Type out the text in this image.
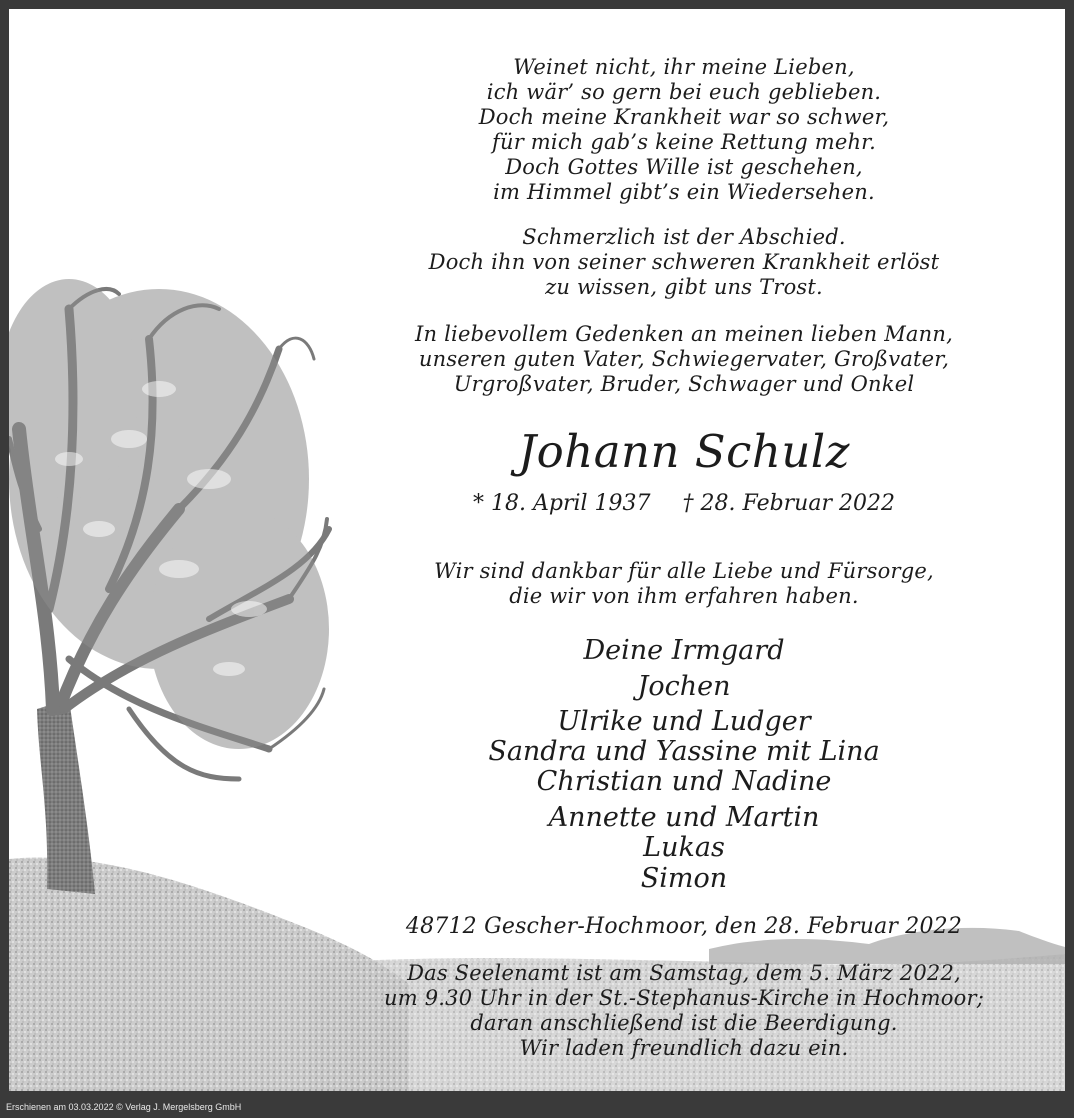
Weinet nicht, ihr meine Lieben,
ich wär’ so gern bei euch geblieben.
Doch meine Krankheit war so schwer,
für mich gab’s keine Rettung mehr.
Doch Gottes Wille ist geschehen,
im Himmel gibt’s ein Wiedersehen.
Schmerzlich ist der Abschied.
Doch ihn von seiner schweren Krankheit erlöst
zu wissen, gibt uns Trost.
In liebevollem Gedenken an meinen lieben Mann,
unseren guten Vater, Schwiegervater, Großvater,
Urgroßvater, Bruder, Schwager und Onkel
Johann Schulz
* 18. April 1937 † 28. Februar 2022
Wir sind dankbar für alle Liebe und Fürsorge,
die wir von ihm erfahren haben.
Deine Irmgard
Jochen
Ulrike und Ludger
Sandra und Yassine mit Lina
Christian und Nadine
Annette und Martin
Lukas
Simon
48712 Gescher-Hochmoor, den 28. Februar 2022
Das Seelenamt ist am Samstag, dem 5. März 2022,
um 9.30 Uhr in der St.-Stephanus-Kirche in Hochmoor;
daran anschließend ist die Beerdigung.
Wir laden freundlich dazu ein.
Erschienen am 03.03.2022 © Verlag J. Mergelsberg GmbH
